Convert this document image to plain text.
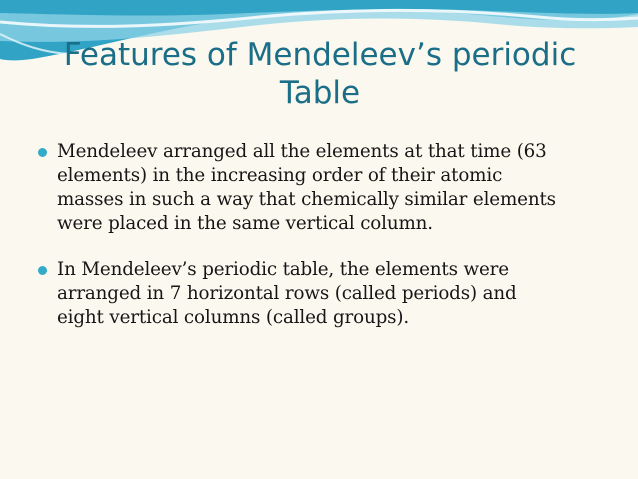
Features of Mendeleev’s periodic
Table
Mendeleev arranged all the elements at that time (63
elements) in the increasing order of their atomic
masses in such a way that chemically similar elements
were placed in the same vertical column.
In Mendeleev’s periodic table, the elements were
arranged in 7 horizontal rows (called periods) and
eight vertical columns (called groups).
